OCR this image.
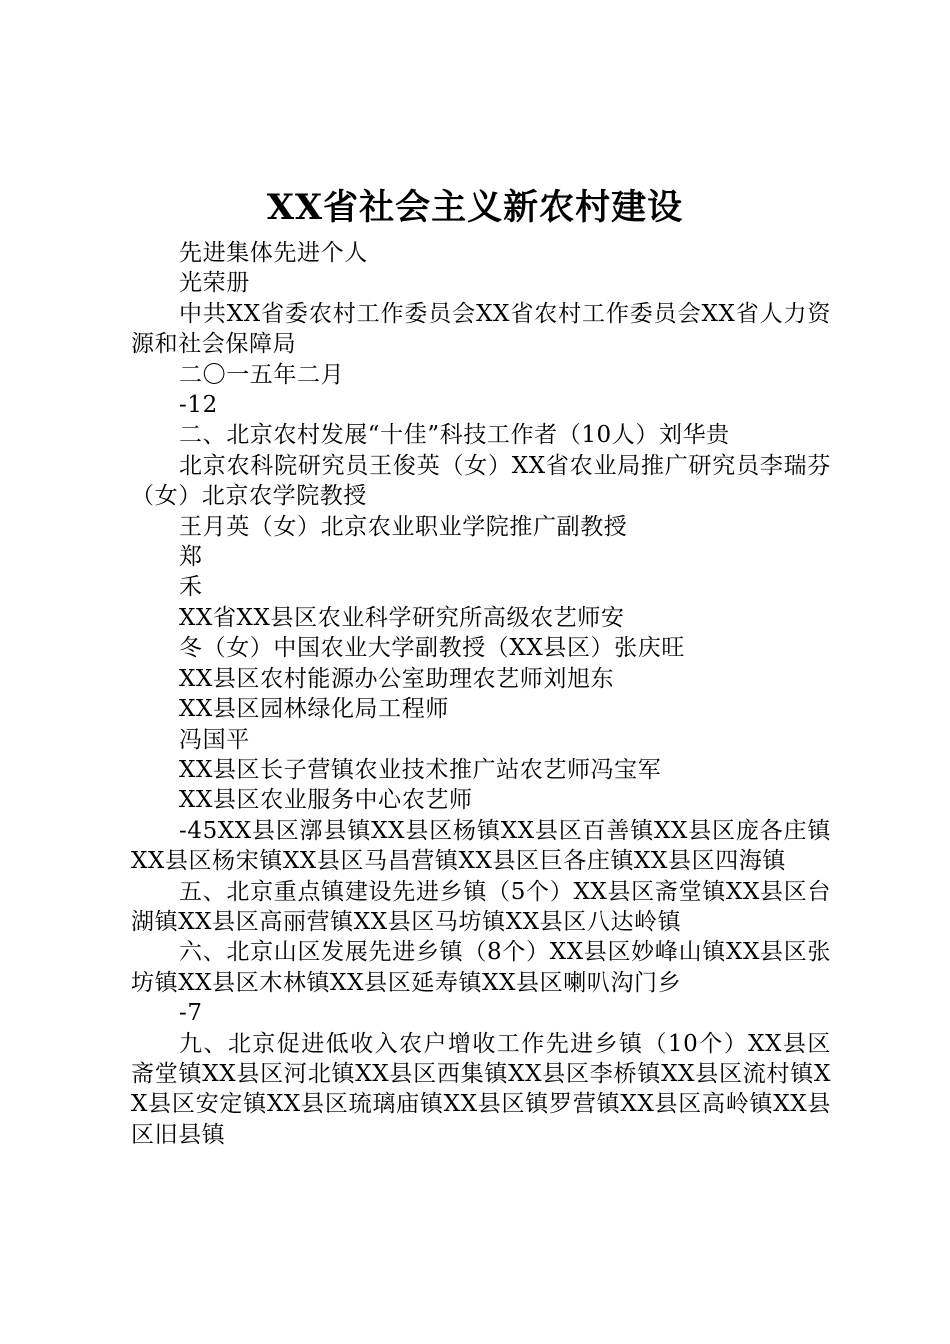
XX省社会主义新农村建设

先进集体先进个人

光荣册

中共XX省委农村工作委员会XX省农村工作委员会XX省人力资源和社会保障局

二〇一五年二月

-12

二、北京农村发展“十佳”科技工作者（10人）刘华贵

北京农科院研究员王俊英（女）XX省农业局推广研究员李瑞芬（女）北京农学院教授

王月英（女）北京农业职业学院推广副教授

郑

禾

XX省XX县区农业科学研究所高级农艺师安

冬（女）中国农业大学副教授（XX县区）张庆旺

XX县区农村能源办公室助理农艺师刘旭东

XX县区园林绿化局工程师

冯国平

XX县区长子营镇农业技术推广站农艺师冯宝军

XX县区农业服务中心农艺师

-45XX县区漷县镇XX县区杨镇XX县区百善镇XX县区庞各庄镇XX县区杨宋镇XX县区马昌营镇XX县区巨各庄镇XX县区四海镇

五、北京重点镇建设先进乡镇（5个）XX县区斋堂镇XX县区台湖镇XX县区高丽营镇XX县区马坊镇XX县区八达岭镇

六、北京山区发展先进乡镇（8个）XX县区妙峰山镇XX县区张坊镇XX县区木林镇XX县区延寿镇XX县区喇叭沟门乡

-7

九、北京促进低收入农户增收工作先进乡镇（10个）XX县区斋堂镇XX县区河北镇XX县区西集镇XX县区李桥镇XX县区流村镇XX县区安定镇XX县区琉璃庙镇XX县区镇罗营镇XX县区高岭镇XX县区旧县镇
